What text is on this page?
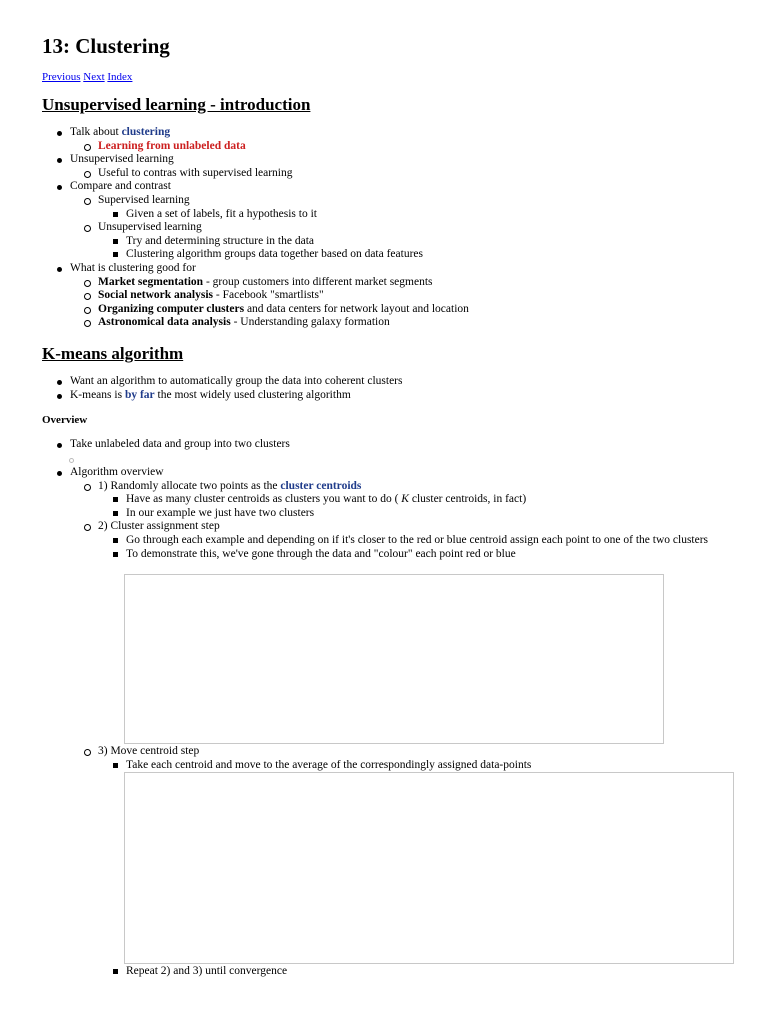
13: Clustering
Previous Next Index
Unsupervised learning - introduction
Talk about clustering
Learning from unlabeled data
Unsupervised learning
Useful to contras with supervised learning
Compare and contrast
Supervised learning
Given a set of labels, fit a hypothesis to it
Unsupervised learning
Try and determining structure in the data
Clustering algorithm groups data together based on data features
What is clustering good for
Market segmentation - group customers into different market segments
Social network analysis - Facebook "smartlists"
Organizing computer clusters and data centers for network layout and location
Astronomical data analysis - Understanding galaxy formation
K-means algorithm
Want an algorithm to automatically group the data into coherent clusters
K-means is by far the most widely used clustering algorithm
Overview
Take unlabeled data and group into two clusters
Algorithm overview
1) Randomly allocate two points as the cluster centroids
Have as many cluster centroids as clusters you want to do ( K cluster centroids, in fact)
In our example we just have two clusters
2) Cluster assignment step
Go through each example and depending on if it's closer to the red or blue centroid assign each point to one of the two clusters
To demonstrate this, we've gone through the data and "colour" each point red or blue
3) Move centroid step
Take each centroid and move to the average of the correspondingly assigned data-points
Repeat 2) and 3) until convergence
